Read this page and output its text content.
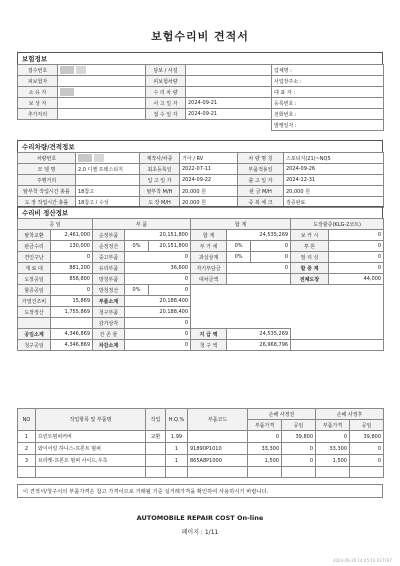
보험수리비 견적서
보험정보
접수번호		담보 / 사설		업체명 :
피보험자		피보험차량		사업장주소 :
소 유 자		수 리 차 량		대 표 자 :
보 상 자		사 고 일 자	2024-09-21	등록번호 :
추가처리		접 수 일 자	2024-09-21	전화번호 :
				발행일자 :
수리차량/견적정보
차량번호		제작사/차종	기아 / RV	차 량 명 칭	스포티지(21)~NQ5
모 델 명	2.0 디젤 프레스티지	최초등록일	2022-07-11	부품적용일	2024-09-26
주행거리		입 고 일 자	2024-09-22	출 고 일 자	2024-12-31
탈부착 작업시간 총률	18참고	탈부착 M/H	20,000 원	판 금 M/H	20,000 원
도 장 작업시간 총률	18참고 / 수성	도 장 M/H	20,000 원	중 복 체 크	검증완료
수리비 정산정보
공 임		부 품			합 계			도장할증(KLG-2코트)	
탈착교환	2,461,000	순정부품	20,151,800		합 계	24,535,269		보 카 시	0
판금수리	130,000	순정정산	0%	20,151,800	부 가 세	0%	0	투 톤	0
견인구난	0	중고부품	0		과실상계	0%	0	펄 리 싱	0
재 료 대	881,200	유리부품	36,600		자기부담금	0		할 증 계	0
도장공임	858,800	방청부품	0		대차금액			전체도장	44,000
할증공임	0	방청정산	0%	0					
가열건조비	15,869	부품소계	20,188,400						
도장정산	1,755,869	청구부품	20,188,400						
		감가상각	0						
공임소계	4,346,869	잔 존 물	0		지 급 액	24,535,269			
청구공임	4,346,869	차감소계	0		청 구 액	26,968,796			
NO	작업항목 및 부품명	작업	H.Q.%	부품코드	손해 사정전		손해 사정후	
					부품가격	공임	부품가격	공임
1	프런트범퍼커버	교환	1.99		0	39,800	0	39,800
2	와이어링 하니스-프론트 범퍼		1	91890P1010	33,300	0	33,300	0
3	브라켓-프론트 범퍼 사이드,우측		1	865A8P1000	1,500	0	1,500	0

이 견적서/청구서의 부품가격은 참고 가격이므로 거래될 기준 실거래가격을 확인하여 사용하시기 바랍니다.
AUTOMOBILE REPAIR COST On-line
페이지 : 1/11
2024-09-26 14:45:16 627197
